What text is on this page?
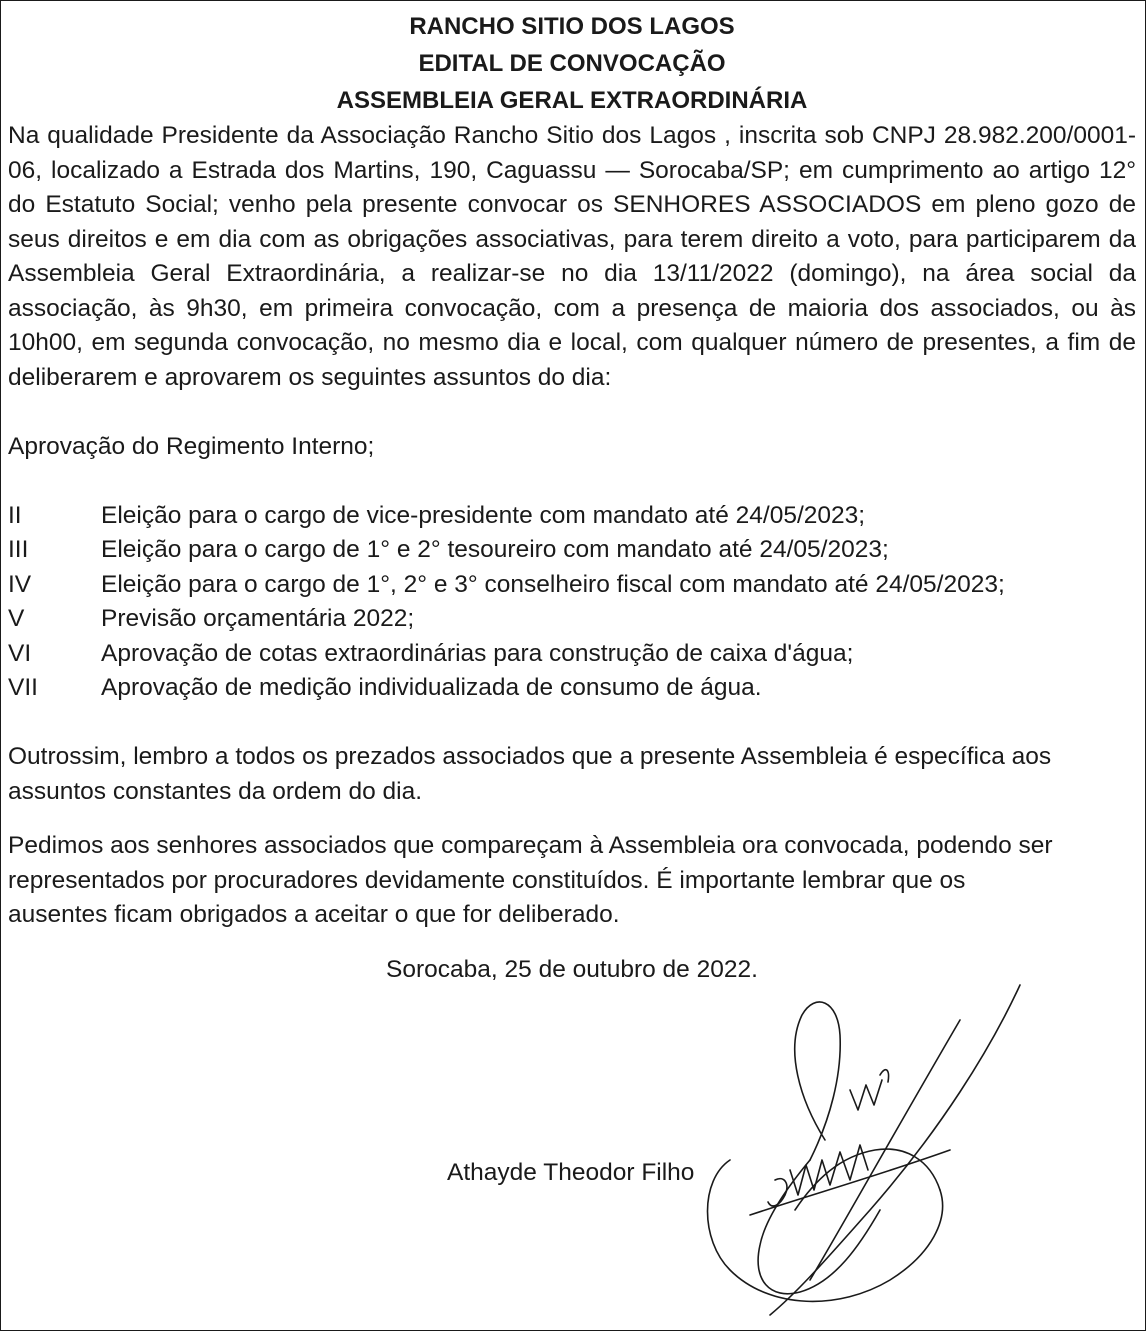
RANCHO SITIO DOS LAGOS

EDITAL DE CONVOCAÇÃO

ASSEMBLEIA GERAL EXTRAORDINÁRIA

Na qualidade Presidente da Associação Rancho Sitio dos Lagos , inscrita sob CNPJ 28.982.200/0001-06, localizado a Estrada dos Martins, 190, Caguassu — Sorocaba/SP; em cumprimento ao artigo 12° do Estatuto Social; venho pela presente convocar os SENHORES ASSOCIADOS em pleno gozo de seus direitos e em dia com as obrigações associativas, para terem direito a voto, para participarem da Assembleia Geral Extraordinária, a realizar-se no dia 13/11/2022 (domingo), na área social da associação, às 9h30, em primeira convocação, com a presença de maioria dos associados, ou às 10h00, em segunda convocação, no mesmo dia e local, com qualquer número de presentes, a fim de deliberarem e aprovarem os seguintes assuntos do dia:

Aprovação do Regimento Interno;

II	Eleição para o cargo de vice-presidente com mandato até 24/05/2023;
III	Eleição para o cargo de 1° e 2° tesoureiro com mandato até 24/05/2023;
IV	Eleição para o cargo de 1°, 2° e 3° conselheiro fiscal com mandato até 24/05/2023;
V	Previsão orçamentária 2022;
VI	Aprovação de cotas extraordinárias para construção de caixa d'água;
VII	Aprovação de medição individualizada de consumo de água.

Outrossim, lembro a todos os prezados associados que a presente Assembleia é específica aos assuntos constantes da ordem do dia.

Pedimos aos senhores associados que compareçam à Assembleia ora convocada, podendo ser

representados por procuradores devidamente constituídos. É importante lembrar que os

ausentes ficam obrigados a aceitar o que for deliberado.

Sorocaba, 25 de outubro de 2022.

Athayde Theodor Filho
